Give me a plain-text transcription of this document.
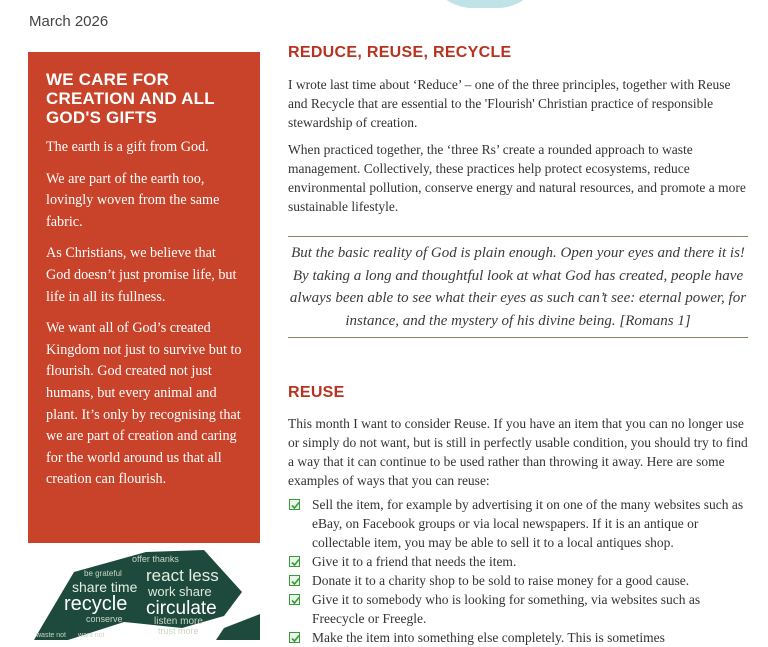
March 2026
WE CARE FOR CREATION AND ALL GOD'S GIFTS

The earth is a gift from God.

We are part of the earth too, lovingly woven from the same fabric.

As Christians, we believe that God doesn’t just promise life, but life in all its fullness.

We want all of God’s created Kingdom not just to survive but to flourish. God created not just humans, but every animal and plant. It’s only by recognising that we are part of creation and caring for the world around us that all creation can flourish.

offer thanks
be grateful react less
share time work share
recycle circulate
conserve	listen more
trust more
waste not want not
REDUCE, REUSE, RECYCLE

I wrote last time about ‘Reduce’ – one of the three principles, together with Reuse and Recycle that are essential to the 'Flourish' Christian practice of responsible stewardship of creation.

When practiced together, the ‘three Rs’ create a rounded approach to waste management. Collectively, these practices help protect ecosystems, reduce environmental pollution, conserve energy and natural resources, and promote a more sustainable lifestyle.

But the basic reality of God is plain enough. Open your eyes and there it is! By taking a long and thoughtful look at what God has created, people have always been able to see what their eyes as such can’t see: eternal power, for instance, and the mystery of his divine being. [Romans 1]
REUSE

This month I want to consider Reuse. If you have an item that you can no longer use or simply do not want, but is still in perfectly usable condition, you should try to find a way that it can continue to be used rather than throwing it away. Here are some examples of ways that you can reuse:

Sell the item, for example by advertising it on one of the many websites such as eBay, on Facebook groups or via local newspapers. If it is an antique or collectable item, you may be able to sell it to a local antiques shop.
Give it to a friend that needs the item.
Donate it to a charity shop to be sold to raise money for a good cause.
Give it to somebody who is looking for something, via websites such as Freecycle or Freegle.
Make the item into something else completely. This is sometimes
